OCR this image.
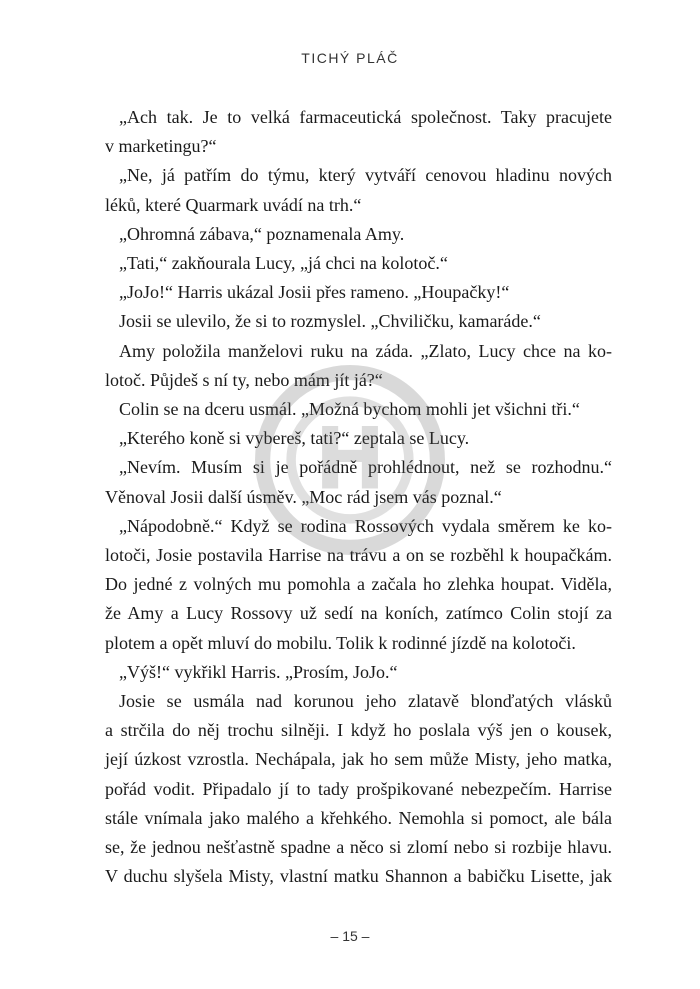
TICHÝ PLÁČ

„Ach tak. Je to velká farmaceutická společnost. Taky pracujete
v marketingu?“

„Ne, já patřím do týmu, který vytváří cenovou hladinu nových
léků, které Quarmark uvádí na trh.“

„Ohromná zábava,“ poznamenala Amy.

„Tati,“ zakňourala Lucy, „já chci na kolotoč.“

„JoJo!“ Harris ukázal Josii přes rameno. „Houpačky!“

Josii se ulevilo, že si to rozmyslel. „Chviličku, kamaráde.“

Amy položila manželovi ruku na záda. „Zlato, Lucy chce na ko-
lotoč. Půjdeš s ní ty, nebo mám jít já?“

Colin se na dceru usmál. „Možná bychom mohli jet všichni tři.“

„Kterého koně si vybereš, tati?“ zeptala se Lucy.

„Nevím. Musím si je pořádně prohlédnout, než se rozhodnu.“
Věnoval Josii další úsměv. „Moc rád jsem vás poznal.“

„Nápodobně.“ Když se rodina Rossových vydala směrem ke ko-
lotoči, Josie postavila Harrise na trávu a on se rozběhl k houpačkám.
Do jedné z volných mu pomohla a začala ho zlehka houpat. Viděla,
že Amy a Lucy Rossovy už sedí na koních, zatímco Colin stojí za
plotem a opět mluví do mobilu. Tolik k rodinné jízdě na kolotoči.

„Výš!“ vykřikl Harris. „Prosím, JoJo.“

Josie se usmála nad korunou jeho zlatavě blonďatých vlásků
a strčila do něj trochu silněji. I když ho poslala výš jen o kousek,
její úzkost vzrostla. Nechápala, jak ho sem může Misty, jeho matka,
pořád vodit. Připadalo jí to tady prošpikované nebezpečím. Harrise
stále vnímala jako malého a křehkého. Nemohla si pomoct, ale bála
se, že jednou nešťastně spadne a něco si zlomí nebo si rozbije hlavu.
V duchu slyšela Misty, vlastní matku Shannon a babičku Lisette, jak

H
– 15 –
